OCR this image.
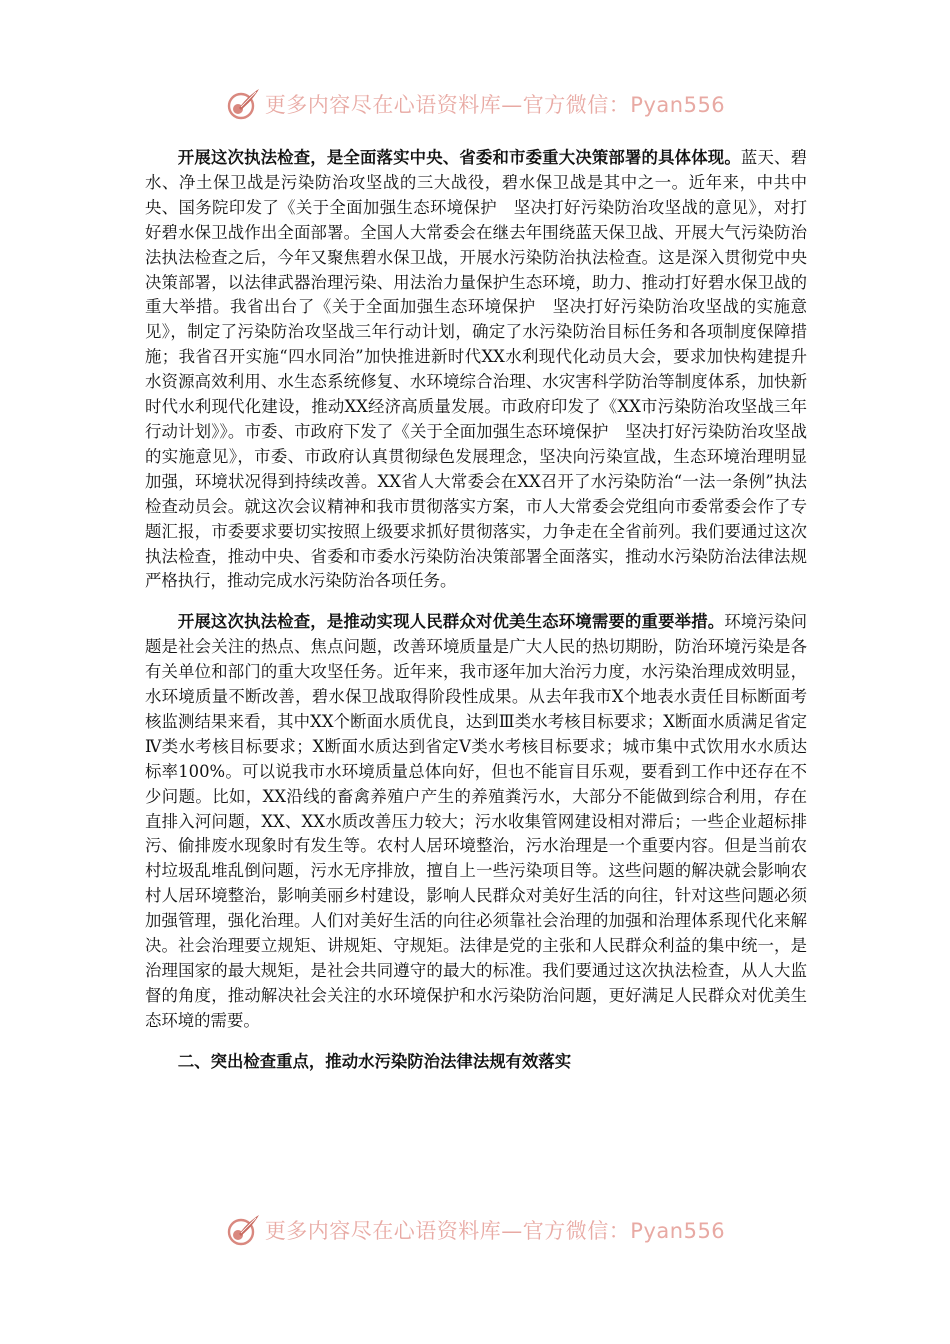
更多内容尽在心语资料库—官方微信：Pyan556

开展这次执法检查，是全面落实中央、省委和市委重大决策部署的具体体现。蓝天、碧水、净土保卫战是污染防治攻坚战的三大战役，碧水保卫战是其中之一。近年来，中共中央、国务院印发了《关于全面加强生态环境保护　坚决打好污染防治攻坚战的意见》，对打好碧水保卫战作出全面部署。全国人大常委会在继去年围绕蓝天保卫战、开展大气污染防治法执法检查之后，今年又聚焦碧水保卫战，开展水污染防治执法检查。这是深入贯彻党中央决策部署，以法律武器治理污染、用法治力量保护生态环境，助力、推动打好碧水保卫战的重大举措。我省出台了《关于全面加强生态环境保护　坚决打好污染防治攻坚战的实施意见》，制定了污染防治攻坚战三年行动计划，确定了水污染防治目标任务和各项制度保障措施；我省召开实施“四水同治”加快推进新时代XX水利现代化动员大会，要求加快构建提升水资源高效利用、水生态系统修复、水环境综合治理、水灾害科学防治等制度体系，加快新时代水利现代化建设，推动XX经济高质量发展。市政府印发了《XX市污染防治攻坚战三年行动计划》》。市委、市政府下发了《关于全面加强生态环境保护　坚决打好污染防治攻坚战的实施意见》，市委、市政府认真贯彻绿色发展理念，坚决向污染宣战，生态环境治理明显加强，环境状况得到持续改善。XX省人大常委会在XX召开了水污染防治“一法一条例”执法检查动员会。就这次会议精神和我市贯彻落实方案，市人大常委会党组向市委常委会作了专题汇报，市委要求要切实按照上级要求抓好贯彻落实，力争走在全省前列。我们要通过这次执法检查，推动中央、省委和市委水污染防治决策部署全面落实，推动水污染防治法律法规严格执行，推动完成水污染防治各项任务。

开展这次执法检查，是推动实现人民群众对优美生态环境需要的重要举措。环境污染问题是社会关注的热点、焦点问题，改善环境质量是广大人民的热切期盼，防治环境污染是各有关单位和部门的重大攻坚任务。近年来，我市逐年加大治污力度，水污染治理成效明显，水环境质量不断改善，碧水保卫战取得阶段性成果。从去年我市X个地表水责任目标断面考核监测结果来看，其中XX个断面水质优良，达到Ⅲ类水考核目标要求；X断面水质满足省定Ⅳ类水考核目标要求；X断面水质达到省定Ⅴ类水考核目标要求；城市集中式饮用水水质达标率100%。可以说我市水环境质量总体向好，但也不能盲目乐观，要看到工作中还存在不少问题。比如，XX沿线的畜禽养殖户产生的养殖粪污水，大部分不能做到综合利用，存在直排入河问题，XX、XX水质改善压力较大；污水收集管网建设相对滞后；一些企业超标排污、偷排废水现象时有发生等。农村人居环境整治，污水治理是一个重要内容。但是当前农村垃圾乱堆乱倒问题，污水无序排放，擅自上一些污染项目等。这些问题的解决就会影响农村人居环境整治，影响美丽乡村建设，影响人民群众对美好生活的向往，针对这些问题必须加强管理，强化治理。人们对美好生活的向往必须靠社会治理的加强和治理体系现代化来解决。社会治理要立规矩、讲规矩、守规矩。法律是党的主张和人民群众利益的集中统一，是治理国家的最大规矩，是社会共同遵守的最大的标准。我们要通过这次执法检查，从人大监督的角度，推动解决社会关注的水环境保护和水污染防治问题，更好满足人民群众对优美生态环境的需要。

二、突出检查重点，推动水污染防治法律法规有效落实

更多内容尽在心语资料库—官方微信：Pyan556
